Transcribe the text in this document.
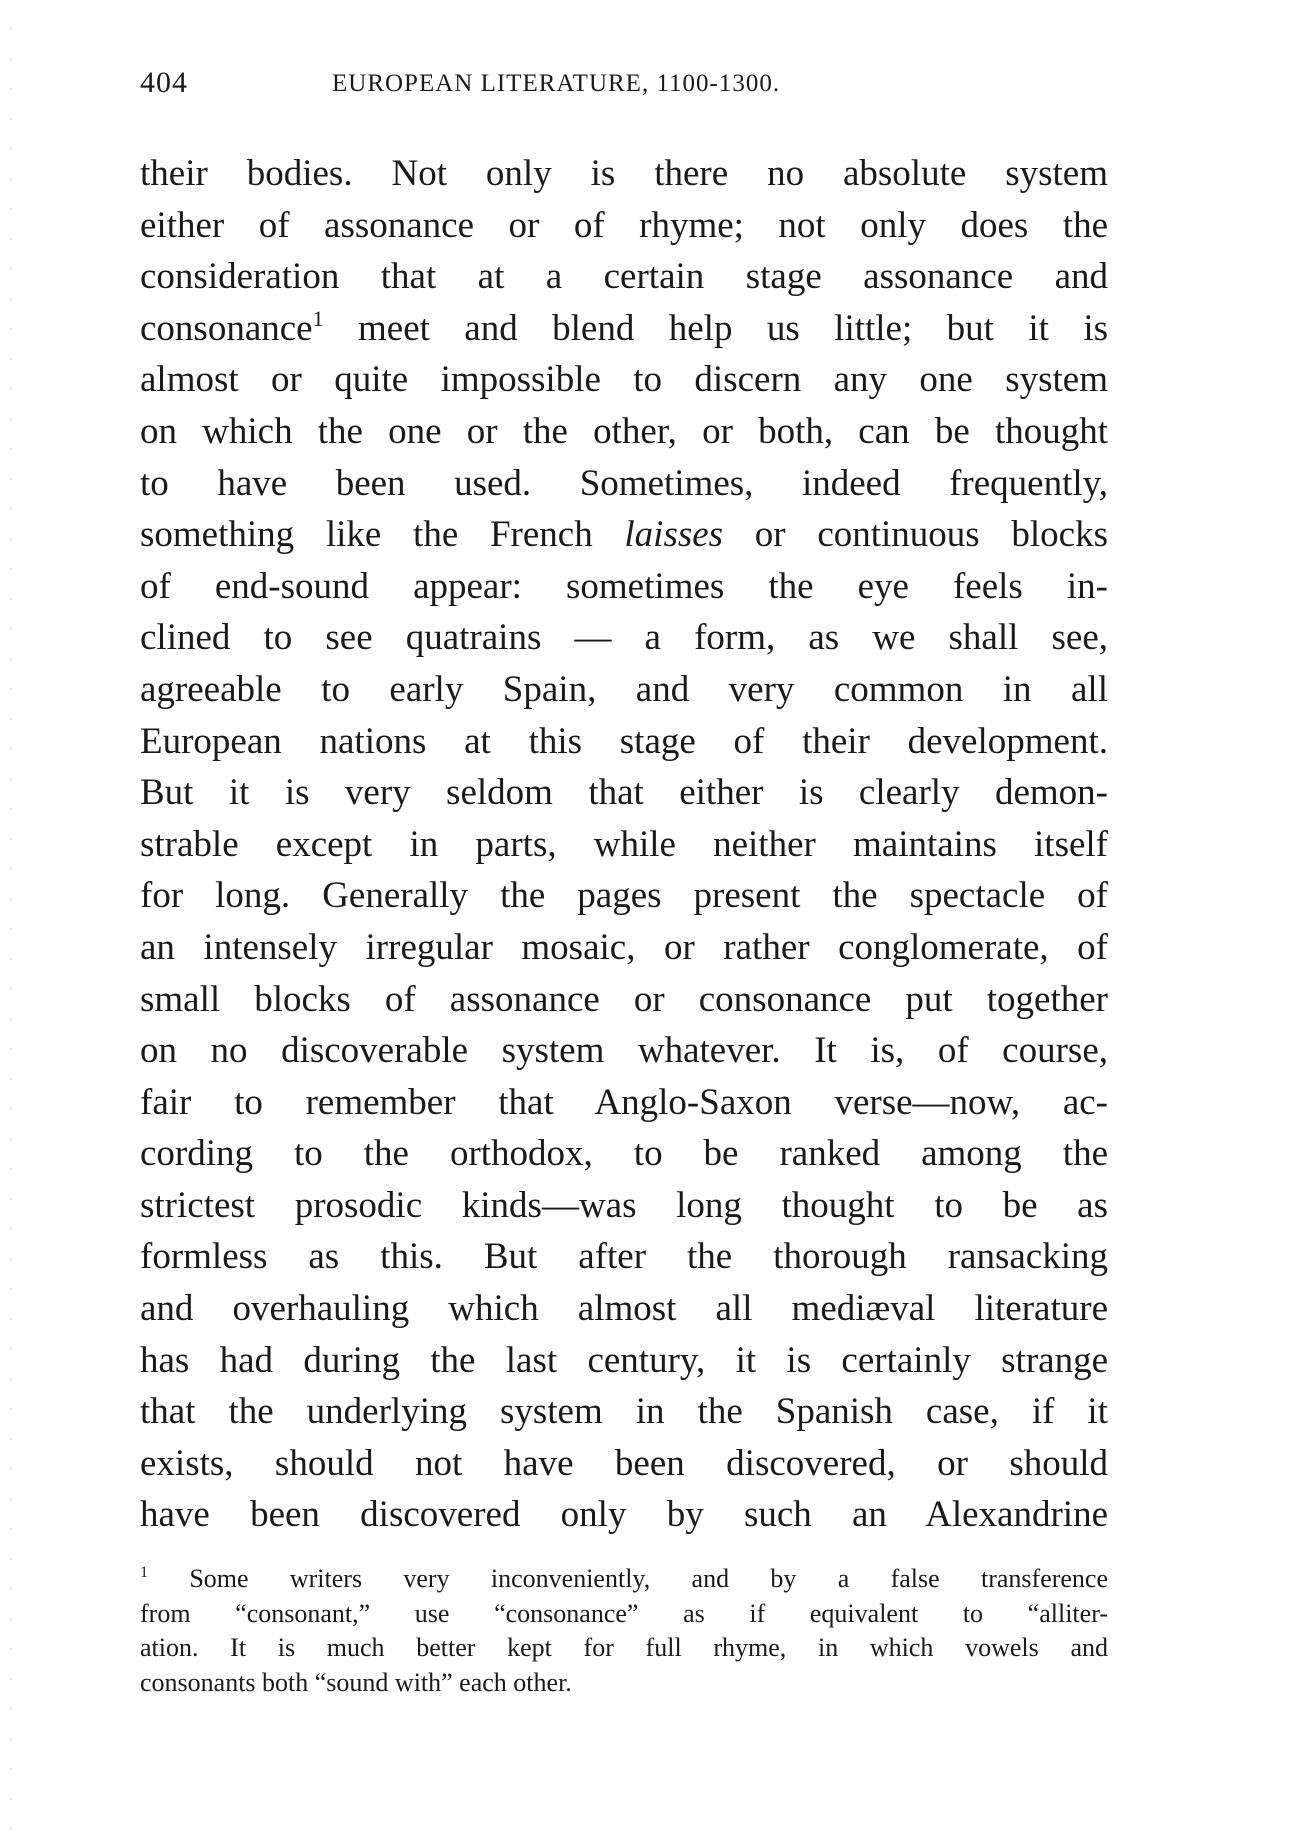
404	EUROPEAN LITERATURE, 1100-1300.
their bodies. Not only is there no absolute system
either of assonance or of rhyme; not only does the
consideration that at a certain stage assonance and
consonance$^1$ meet and blend help us little; but it is
almost or quite impossible to discern any one system
on which the one or the other, or both, can be thought
to have been used. Sometimes, indeed frequently,
something like the French laisses or continuous blocks
of end-sound appear: sometimes the eye feels in-
clined to see quatrains — a form, as we shall see,
agreeable to early Spain, and very common in all
European nations at this stage of their development.
But it is very seldom that either is clearly demon-
strable except in parts, while neither maintains itself
for long. Generally the pages present the spectacle of
an intensely irregular mosaic, or rather conglomerate, of
small blocks of assonance or consonance put together
on no discoverable system whatever. It is, of course,
fair to remember that Anglo-Saxon verse—now, ac-
cording to the orthodox, to be ranked among the
strictest prosodic kinds—was long thought to be as
formless as this. But after the thorough ransacking
and overhauling which almost all mediæval literature
has had during the last century, it is certainly strange
that the underlying system in the Spanish case, if it
exists, should not have been discovered, or should
have been discovered only by such an Alexandrine
$^1$ Some writers very inconveniently, and by a false transference
from “consonant,” use “consonance” as if equivalent to “alliter-
ation. It is much better kept for full rhyme, in which vowels and
consonants both “sound with” each other.
